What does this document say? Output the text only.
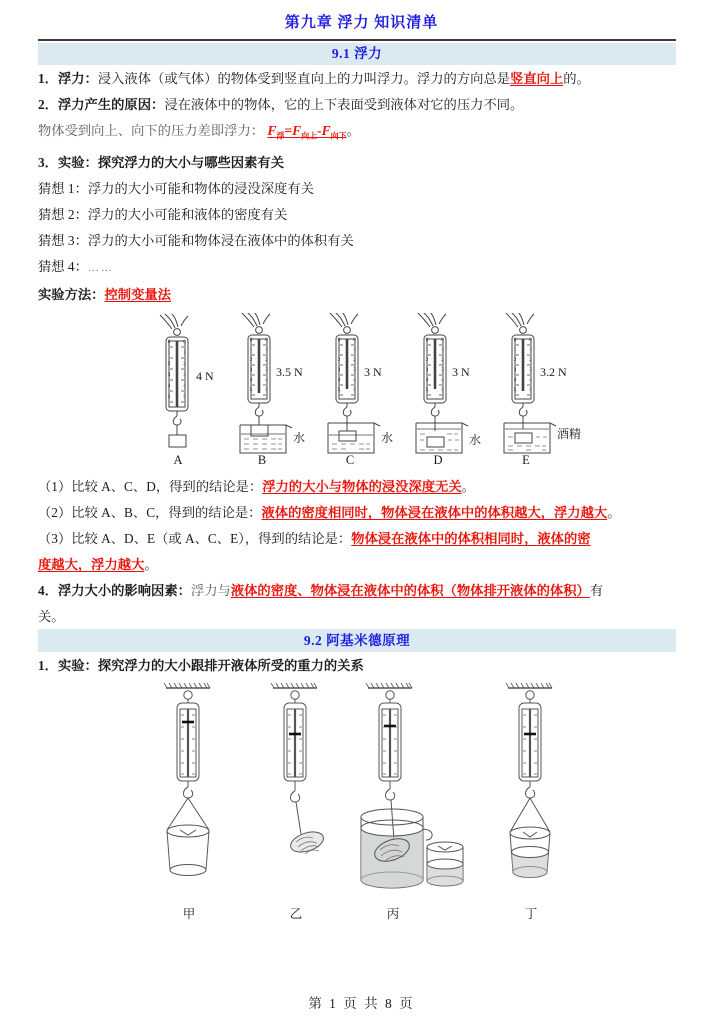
第九章 浮力 知识清单
9.1 浮力

1．浮力：浸入液体（或气体）的物体受到竖直向上的力叫浮力。浮力的方向总是竖直向上的。

2．浮力产生的原因：浸在液体中的物体，它的上下表面受到液体对它的压力不同。

物体受到向上、向下的压力差即浮力： $F_浮=F_{向上}-F_{向下}$。

3．实验：探究浮力的大小与哪些因素有关

猜想 1：浮力的大小可能和物体的浸没深度有关

猜想 2：浮力的大小可能和液体的密度有关

猜想 3：浮力的大小可能和物体浸在液体中的体积有关

猜想 4：……

实验方法：控制变量法

0 0
1 1
2 2
3 3
4 4
5 5
4 N
A
0 0
1 1
2 2
3 3
4 4
5 5
3.5 N
水
B
0 0
1 1
2 2
3 3
4 4
5 5
3 N
水
C
0 0
1 1
2 2
3 3
4 4
5 5
3 N
水
D
0 0
1 1
2 2
3 3
4 4
5 5
3.2 N
酒精
E

（1）比较 A、C、D，得到的结论是：浮力的大小与物体的浸没深度无关。

（2）比较 A、B、C，得到的结论是：液体的密度相同时，物体浸在液体中的体积越大，浮力越大。

（3）比较 A、D、E（或 A、C、E），得到的结论是：物体浸在液体中的体积相同时，液体的密

度越大，浮力越大。

4．浮力大小的影响因素：浮力与液体的密度、物体浸在液体中的体积（物体排开液体的体积）有

关。

9.2 阿基米德原理

1．实验：探究浮力的大小跟排开液体所受的重力的关系

甲	乙	丙	丁
第 1 页 共 8 页
